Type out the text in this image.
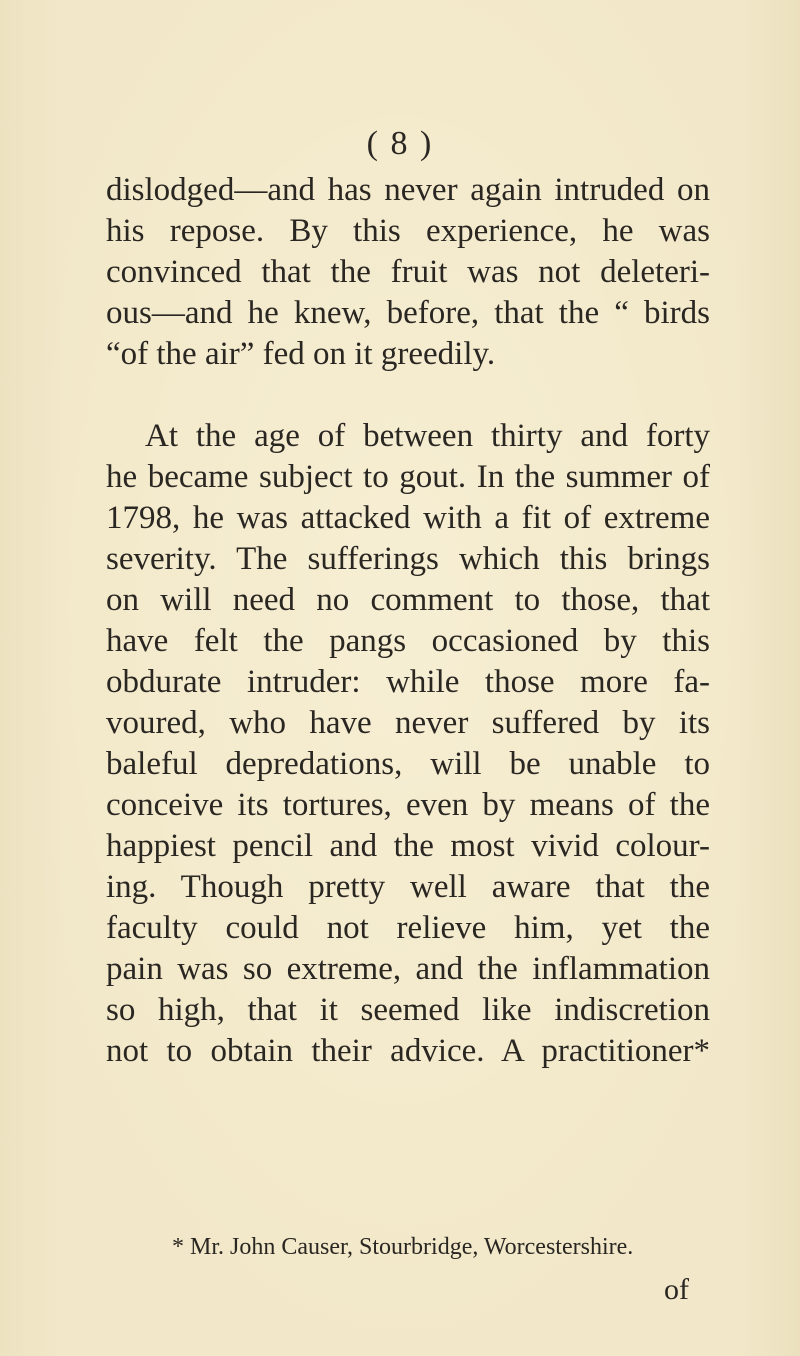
( 8 )
dislodged—and has never again intruded on
his repose. By this experience, he was
convinced that the fruit was not deleteri-
ous—and he knew, before, that the “ birds
“of the air” fed on it greedily.
At the age of between thirty and forty
he became subject to gout. In the summer of
1798, he was attacked with a fit of extreme
severity. The sufferings which this brings
on will need no comment to those, that
have felt the pangs occasioned by this
obdurate intruder: while those more fa-
voured, who have never suffered by its
baleful depredations, will be unable to
conceive its tortures, even by means of the
happiest pencil and the most vivid colour-
ing. Though pretty well aware that the
faculty could not relieve him, yet the
pain was so extreme, and the inflammation
so high, that it seemed like indiscretion
not to obtain their advice. A practitioner*
* Mr. John Causer, Stourbridge, Worcestershire.
of
